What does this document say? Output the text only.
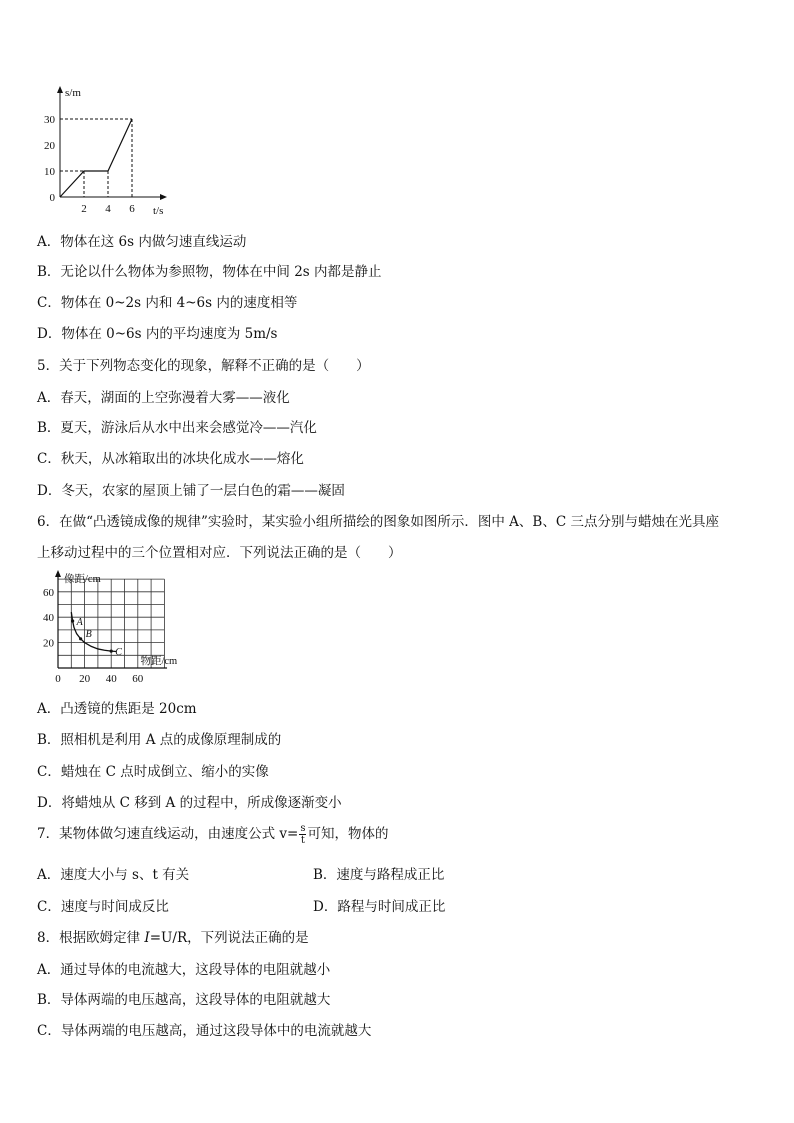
s/m
t/s
0
10
20
30
2 4 6
A．物体在这 6s 内做匀速直线运动
B．无论以什么物体为参照物，物体在中间 2s 内都是静止
C．物体在 0~2s 内和 4~6s 内的速度相等
D．物体在 0~6s 内的平均速度为 5m/s
5．关于下列物态变化的现象，解释不正确的是（　　）
A．春天，湖面的上空弥漫着大雾——液化
B．夏天，游泳后从水中出来会感觉冷——汽化
C．秋天，从冰箱取出的冰块化成水——熔化
D．冬天，农家的屋顶上铺了一层白色的霜——凝固
6．在做“凸透镜成像的规律”实验时，某实验小组所描绘的图象如图所示．图中 A、B、C 三点分别与蜡烛在光具座
上移动过程中的三个位置相对应．下列说法正确的是（　　）
像距/cm
物距/cm
20
40
60
0 20 40 60
A
B
C
A．凸透镜的焦距是 20cm
B．照相机是利用 A 点的成像原理制成的
C．蜡烛在 C 点时成倒立、缩小的实像
D．将蜡烛从 C 移到 A 的过程中，所成像逐渐变小
7．某物体做匀速直线运动，由速度公式 $v= \frac{s}{t}$ 可知，物体的
A．速度大小与 s、t 有关	B．速度与路程成正比
C．速度与时间成反比	D．路程与时间成正比
8．根据欧姆定律 I=U/R，下列说法正确的是
A．通过导体的电流越大，这段导体的电阻就越小
B．导体两端的电压越高，这段导体的电阻就越大
C．导体两端的电压越高，通过这段导体中的电流就越大
